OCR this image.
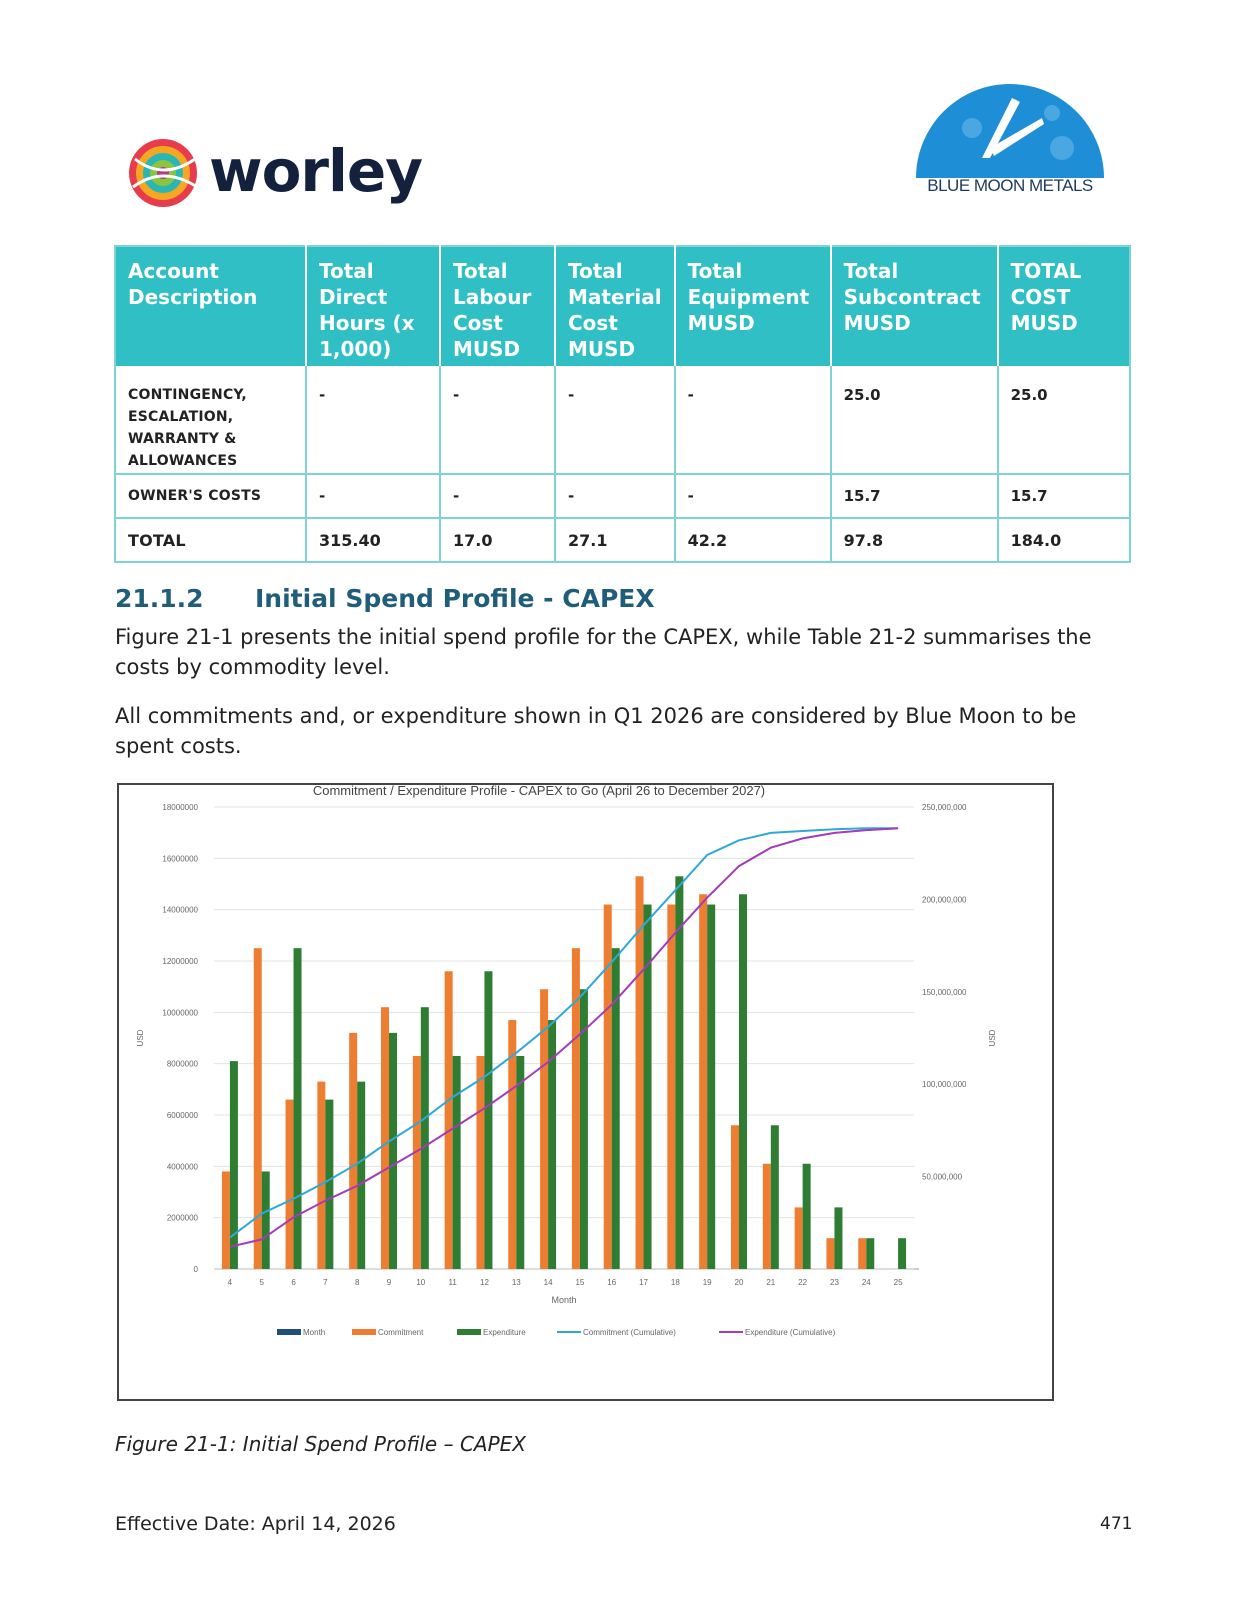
worley	BLUE MOON METALS
Account Description	Total Direct Hours (x 1,000)	Total Labour Cost MUSD	Total Material Cost MUSD	Total Equipment MUSD	Total Subcontract MUSD	TOTAL COST MUSD
CONTINGENCY, ESCALATION, WARRANTY & ALLOWANCES	-	-	-	-	25.0	25.0
OWNER'S COSTS	-	-	-	-	15.7	15.7
TOTAL	315.40	17.0	27.1	42.2	97.8	184.0
21.1.2 Initial Spend Profile - CAPEX
Figure 21-1 presents the initial spend profile for the CAPEX, while Table 21-2 summarises the costs by commodity level.
All commitments and, or expenditure shown in Q1 2026 are considered by Blue Moon to be spent costs.
Commitment / Expenditure Profile - CAPEX to Go (April 26 to December 2027)
0
2000000
4000000
6000000
8000000
10000000
12000000
14000000
16000000
18000000
50,000,000
100,000,000
150,000,000
200,000,000
250,000,000
USD	USD
Month
4	5	6	7	8	9	10	11	12	13	14	15	16	17	18	19	20	21	22	23	24	25
Month	Commitment	Expenditure	Commitment (Cumulative)	Expenditure (Cumulative)
Figure 21-1: Initial Spend Profile – CAPEX
Effective Date: April 14, 2026	471
